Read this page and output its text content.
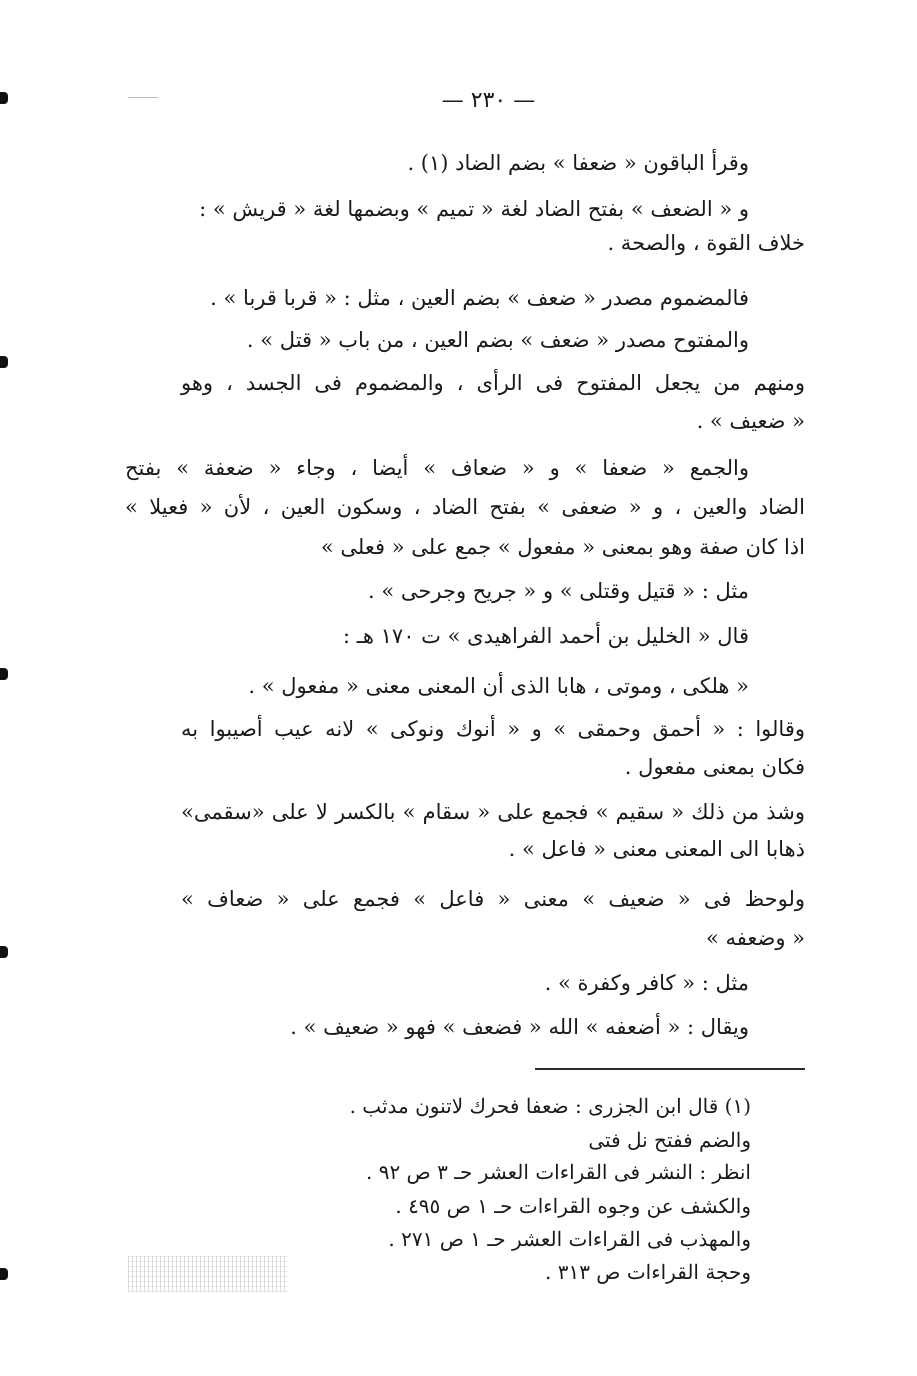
— ٢٣٠ —
وقرأ الباقون « ضعفا » بضم الضاد (١) .
و « الضعف » بفتح الضاد لغة « تميم » وبضمها لغة « قريش » :
خلاف القوة ، والصحة .
فالمضموم مصدر « ضعف » بضم العين ، مثل : « قربا قربا » .
والمفتوح مصدر « ضعف » بضم العين ، من باب « قتل » .
ومنهم من يجعل المفتوح فى الرأى ، والمضموم فى الجسد ، وهو
« ضعيف » .
والجمع « ضعفا » و « ضعاف » أيضا ، وجاء « ضعفة » بفتح
الضاد والعين ، و « ضعفى » بفتح الضاد ، وسكون العين ، لأن « فعيلا »
اذا كان صفة وهو بمعنى « مفعول » جمع على « فعلى »
مثل : « قتيل وقتلى » و « جريح وجرحى » .
قال « الخليل بن أحمد الفراهيدى » ت ١٧٠ هـ :
« هلكى ، وموتى ، هابا الذى أن المعنى معنى « مفعول » .
وقالوا : « أحمق وحمقى » و « أنوك ونوكى » لانه عيب أصيبوا به
فكان بمعنى مفعول .
وشذ من ذلك « سقيم » فجمع على « سقام » بالكسر لا على «سقمى»
ذهابا الى المعنى معنى « فاعل » .
ولوحظ فى « ضعيف » معنى « فاعل » فجمع على « ضعاف »
« وضعفه »
مثل : « كافر وكفرة » .
ويقال : « أضعفه » الله « فضعف » فهو « ضعيف » .
(١) قال ابن الجزرى : ضعفا فحرك لاتنون مدثب .
والضم ففتح نل فتى
انظر : النشر فى القراءات العشر حـ ٣ ص ٩٢ .
والكشف عن وجوه القراءات حـ ١ ص ٤٩٥ .
والمهذب فى القراءات العشر حـ ١ ص ٢٧١ .
وحجة القراءات ص ٣١٣ .
